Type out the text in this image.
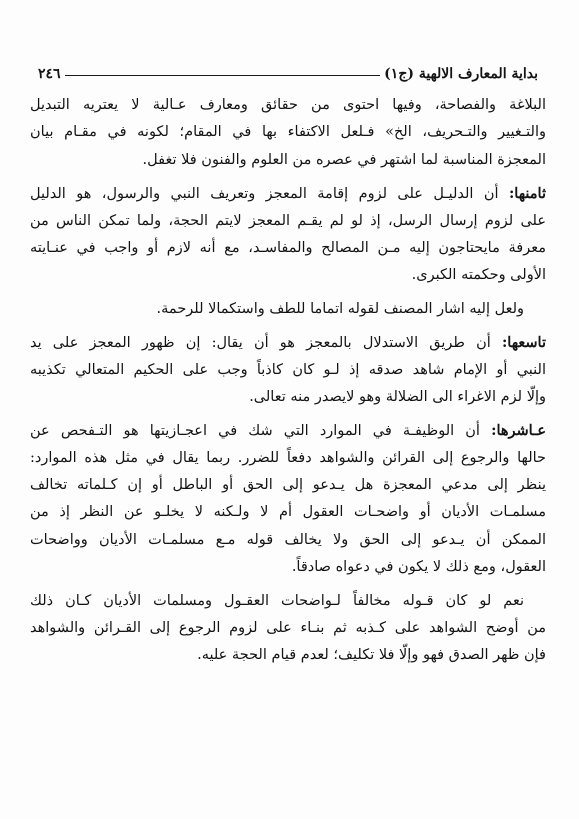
بداية المعارف الالهية (ج١)
٢٤٦
البلاغة والفصاحة، وفيها احتوى من حقائق ومعارف عـالية لا يعتريه التبديل
والتـغيير والتـحريف، الخ» فـلعل الاكتفاء بها في المقام؛ لكونه في مقـام بيان
المعجزة المناسبة لما اشتهر في عصره من العلوم والفنون فلا تغفل.
ثامنها: أن الدليـل على لزوم إقامة المعجز وتعريف النبي والرسول، هو الدليل
على لزوم إرسال الرسل، إذ لو لم يقـم المعجز لايتم الحجة، ولما تمكن الناس من
معرفة مايحتاجون إليه مـن المصالح والمفاسـد، مع أنه لازم أو واجب في عنـايته
الأولى وحكمته الكبرى.
ولعل إليه اشار المصنف لقوله اتماما للطف واستكمالا للرحمة.
تاسعها: أن طريق الاستدلال بالمعجز هو أن يقال: إن ظهور المعجز على يد
النبي أو الإمام شاهد صدقه إذ لـو كان كاذباً وجب على الحكيم المتعالي تكذيبه
وإلّا لزم الاغراء الى الضلالة وهو لايصدر منه تعالى.
عـاشرها: أن الوظيفـة في الموارد التي شك في اعجـازيتها هو التـفحص عن
حالها والرجوع إلى القرائن والشواهد دفعاً للضرر. ربما يقال في مثل هذه الموارد:
ينظر إلى مدعي المعجزة هل يـدعو إلى الحق أو الباطل أو إن كـلماته تخالف
مسلمـات الأديان أو واضحـات العقول أم لا ولـكنه لا يخلـو عن النظر إذ من
الممكن أن يـدعو إلى الحق ولا يخالف قوله مـع مسلمـات الأديان وواضحات
العقول، ومع ذلك لا يكون في دعواه صادقاً.
نعم لو كان قـوله مخالفاً لـواضحات العقـول ومسلمات الأديان كـان ذلك
من أوضح الشواهد على كـذبه ثم بنـاء على لزوم الرجوع إلى القـرائن والشواهد
فإن ظهر الصدق فهو وإلّا فلا تكليف؛ لعدم قيام الحجة عليه.
